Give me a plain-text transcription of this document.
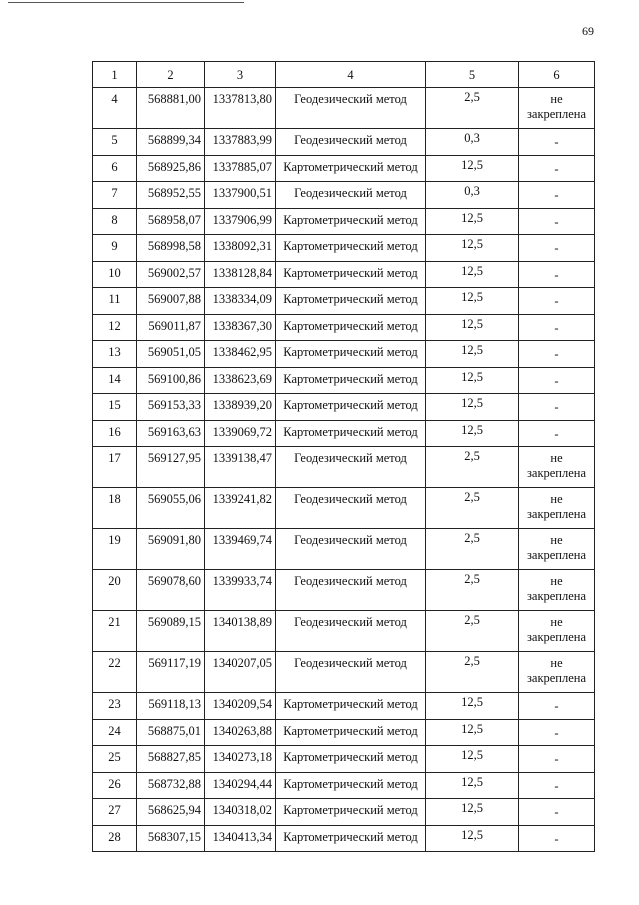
69
1	2	3	4	5	6
4	568881,00	1337813,80	Геодезический метод	2,5	не закреплена
5	568899,34	1337883,99	Геодезический метод	0,3	-
6	568925,86	1337885,07	Картометрический метод	12,5	-
7	568952,55	1337900,51	Геодезический метод	0,3	-
8	568958,07	1337906,99	Картометрический метод	12,5	-
9	568998,58	1338092,31	Картометрический метод	12,5	-
10	569002,57	1338128,84	Картометрический метод	12,5	-
11	569007,88	1338334,09	Картометрический метод	12,5	-
12	569011,87	1338367,30	Картометрический метод	12,5	-
13	569051,05	1338462,95	Картометрический метод	12,5	-
14	569100,86	1338623,69	Картометрический метод	12,5	-
15	569153,33	1338939,20	Картометрический метод	12,5	-
16	569163,63	1339069,72	Картометрический метод	12,5	-
17	569127,95	1339138,47	Геодезический метод	2,5	не закреплена
18	569055,06	1339241,82	Геодезический метод	2,5	не закреплена
19	569091,80	1339469,74	Геодезический метод	2,5	не закреплена
20	569078,60	1339933,74	Геодезический метод	2,5	не закреплена
21	569089,15	1340138,89	Геодезический метод	2,5	не закреплена
22	569117,19	1340207,05	Геодезический метод	2,5	не закреплена
23	569118,13	1340209,54	Картометрический метод	12,5	-
24	568875,01	1340263,88	Картометрический метод	12,5	-
25	568827,85	1340273,18	Картометрический метод	12,5	-
26	568732,88	1340294,44	Картометрический метод	12,5	-
27	568625,94	1340318,02	Картометрический метод	12,5	-
28	568307,15	1340413,34	Картометрический метод	12,5	-
